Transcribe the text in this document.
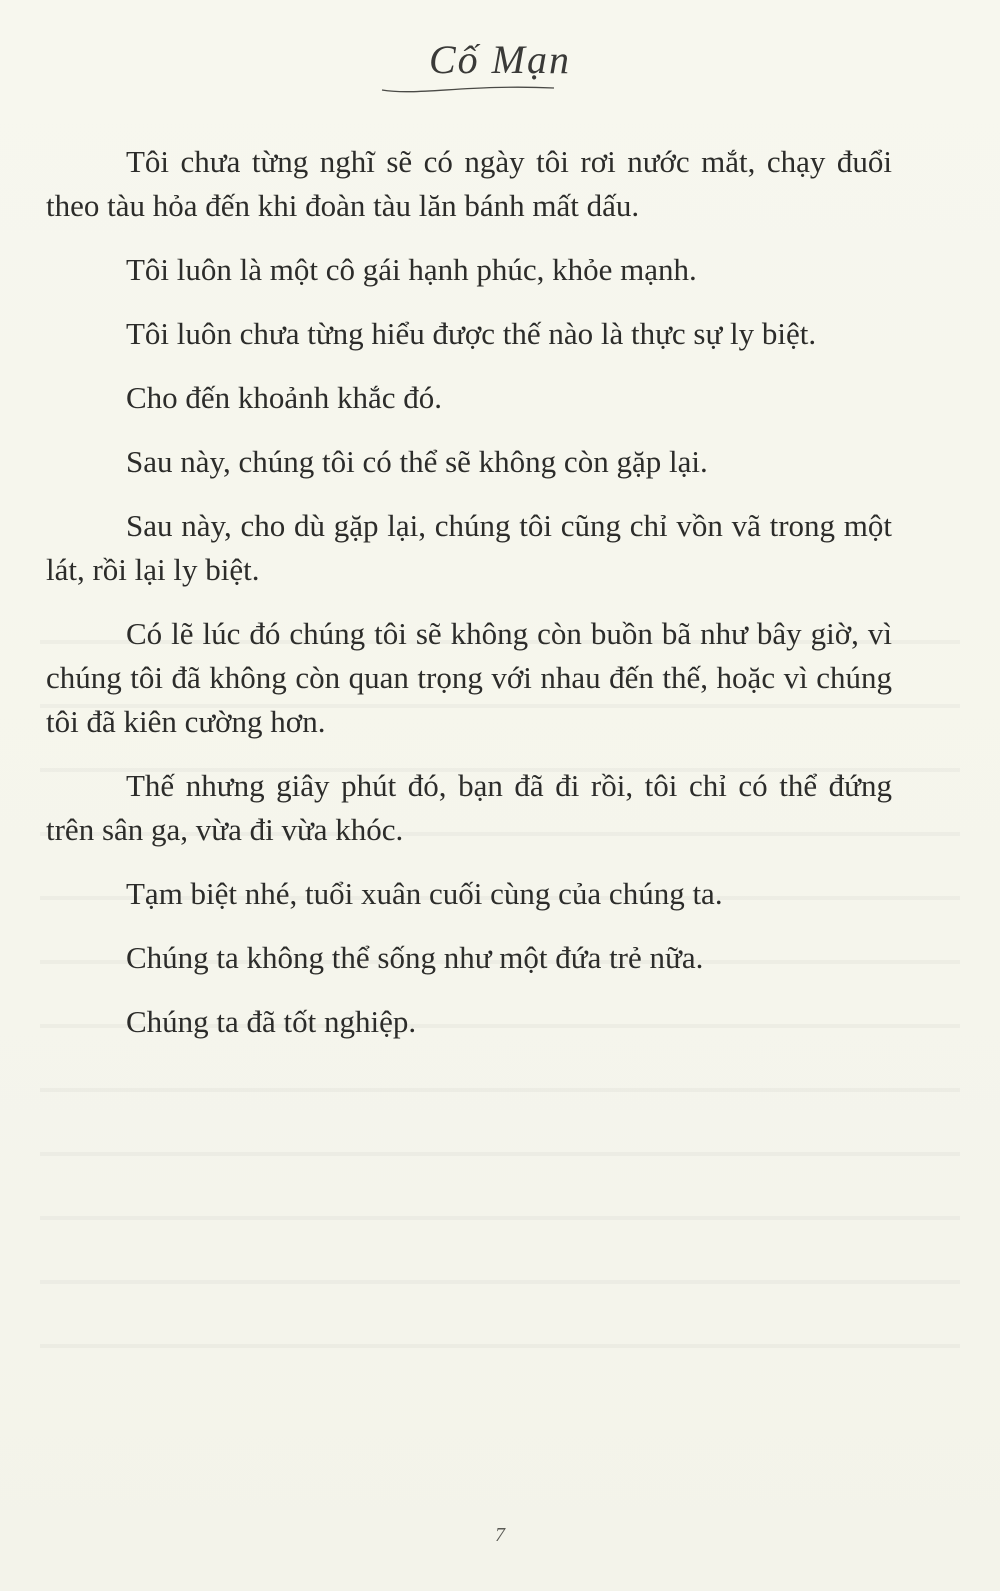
Cố Mạn

Tôi chưa từng nghĩ sẽ có ngày tôi rơi nước mắt, chạy đuổi theo tàu hỏa đến khi đoàn tàu lăn bánh mất dấu.

Tôi luôn là một cô gái hạnh phúc, khỏe mạnh.

Tôi luôn chưa từng hiểu được thế nào là thực sự ly biệt.

Cho đến khoảnh khắc đó.

Sau này, chúng tôi có thể sẽ không còn gặp lại.

Sau này, cho dù gặp lại, chúng tôi cũng chỉ vồn vã trong một lát, rồi lại ly biệt.

Có lẽ lúc đó chúng tôi sẽ không còn buồn bã như bây giờ, vì chúng tôi đã không còn quan trọng với nhau đến thế, hoặc vì chúng tôi đã kiên cường hơn.

Thế nhưng giây phút đó, bạn đã đi rồi, tôi chỉ có thể đứng trên sân ga, vừa đi vừa khóc.

Tạm biệt nhé, tuổi xuân cuối cùng của chúng ta.

Chúng ta không thể sống như một đứa trẻ nữa.

Chúng ta đã tốt nghiệp.

7
